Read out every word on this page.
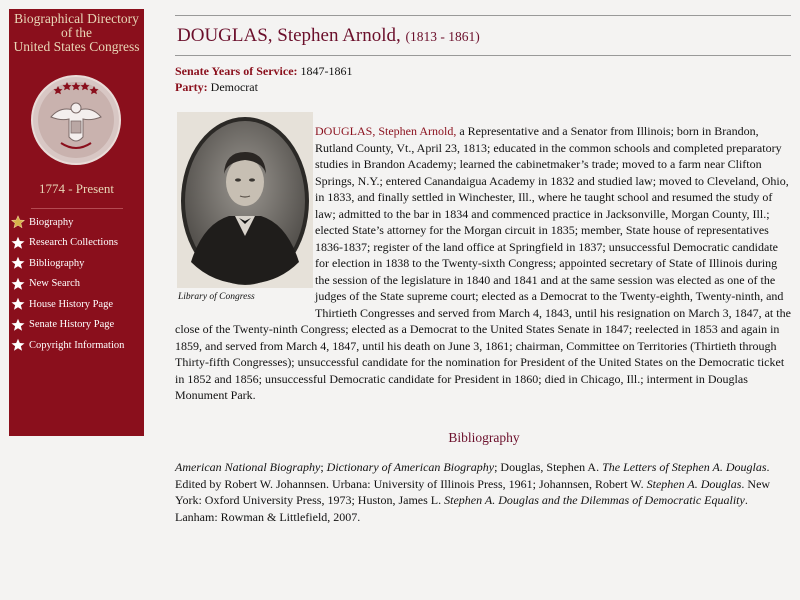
Biographical Directory
of the
United States Congress
1774 - Present
Biography
Research Collections
Bibliography
New Search
House History Page
Senate History Page
Copyright Information
DOUGLAS, Stephen Arnold, (1813 - 1861)
Senate Years of Service: 1847-1861
Party: Democrat
Library of Congress

DOUGLAS, Stephen Arnold, a Representative and a Senator from Illinois; born in Brandon, Rutland County, Vt., April 23, 1813; educated in the common schools and completed preparatory studies in Brandon Academy; learned the cabinetmaker’s trade; moved to a farm near Clifton Springs, N.Y.; entered Canandaigua Academy in 1832 and studied law; moved to Cleveland, Ohio, in 1833, and finally settled in Winchester, Ill., where he taught school and resumed the study of law; admitted to the bar in 1834 and commenced practice in Jacksonville, Morgan County, Ill.; elected State’s attorney for the Morgan circuit in 1835; member, State house of representatives 1836-1837; register of the land office at Springfield in 1837; unsuccessful Democratic candidate for election in 1838 to the Twenty-sixth Congress; appointed secretary of State of Illinois during the session of the legislature in 1840 and 1841 and at the same session was elected as one of the judges of the State supreme court; elected as a Democrat to the Twenty-eighth, Twenty-ninth, and Thirtieth Congresses and served from March 4, 1843, until his resignation on March 3, 1847, at the close of the Twenty-ninth Congress; elected as a Democrat to the United States Senate in 1847; reelected in 1853 and again in 1859, and served from March 4, 1847, until his death on June 3, 1861; chairman, Committee on Territories (Thirtieth through Thirty-fifth Congresses); unsuccessful candidate for the nomination for President of the United States on the Democratic ticket in 1852 and 1856; unsuccessful Democratic candidate for President in 1860; died in Chicago, Ill.; interment in Douglas Monument Park.

Bibliography

American National Biography; Dictionary of American Biography; Douglas, Stephen A. The Letters of Stephen A. Douglas. Edited by Robert W. Johannsen. Urbana: University of Illinois Press, 1961; Johannsen, Robert W. Stephen A. Douglas. New York: Oxford University Press, 1973; Huston, James L. Stephen A. Douglas and the Dilemmas of Democratic Equality. Lanham: Rowman & Littlefield, 2007.
